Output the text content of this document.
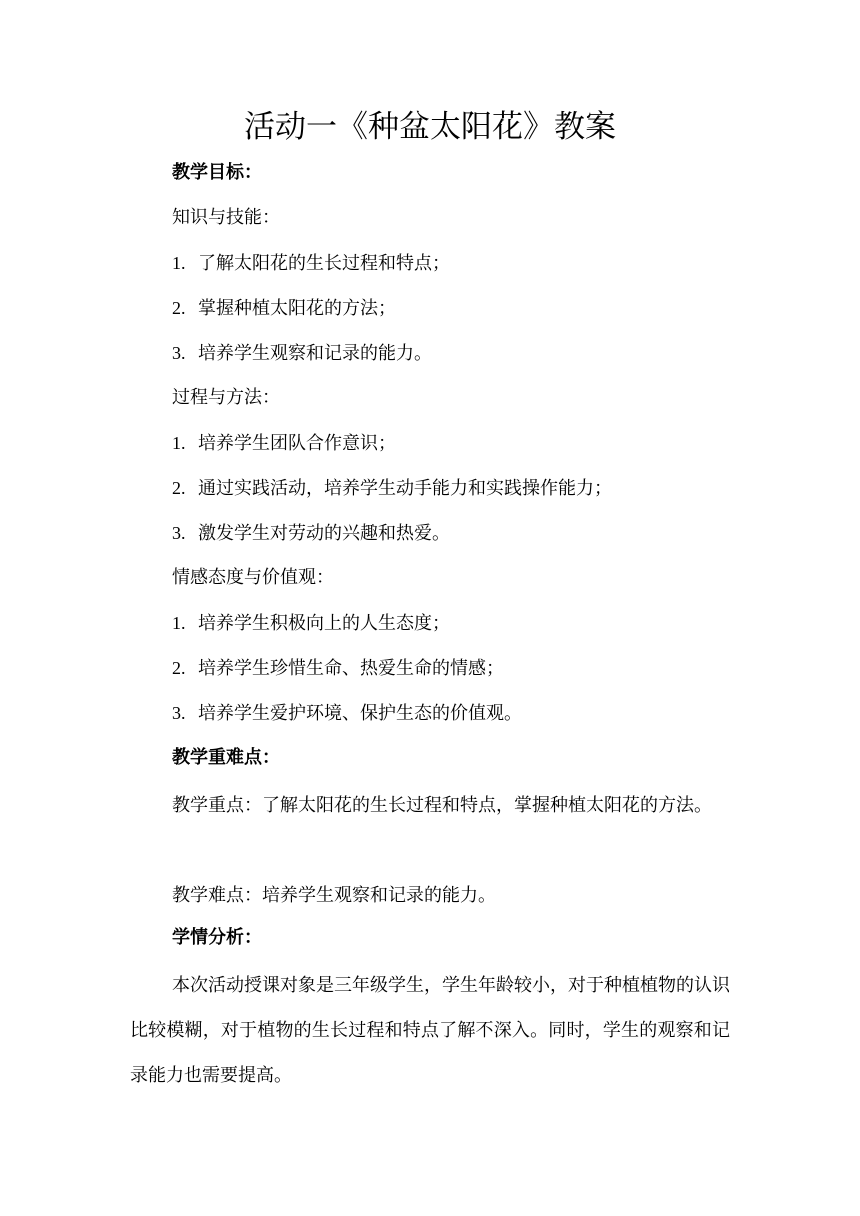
活动一《种盆太阳花》教案
教学目标：
知识与技能：
1. 了解太阳花的生长过程和特点；
2. 掌握种植太阳花的方法；
3. 培养学生观察和记录的能力。
过程与方法：
1. 培养学生团队合作意识；
2. 通过实践活动，培养学生动手能力和实践操作能力；
3. 激发学生对劳动的兴趣和热爱。
情感态度与价值观：
1. 培养学生积极向上的人生态度；
2. 培养学生珍惜生命、热爱生命的情感；
3. 培养学生爱护环境、保护生态的价值观。
教学重难点：

教学重点：了解太阳花的生长过程和特点，掌握种植太阳花的方法。

教学难点：培养学生观察和记录的能力。

学情分析：

本次活动授课对象是三年级学生，学生年龄较小，对于种植植物的认识比较模糊，对于植物的生长过程和特点了解不深入。同时，学生的观察和记录能力也需要提高。
